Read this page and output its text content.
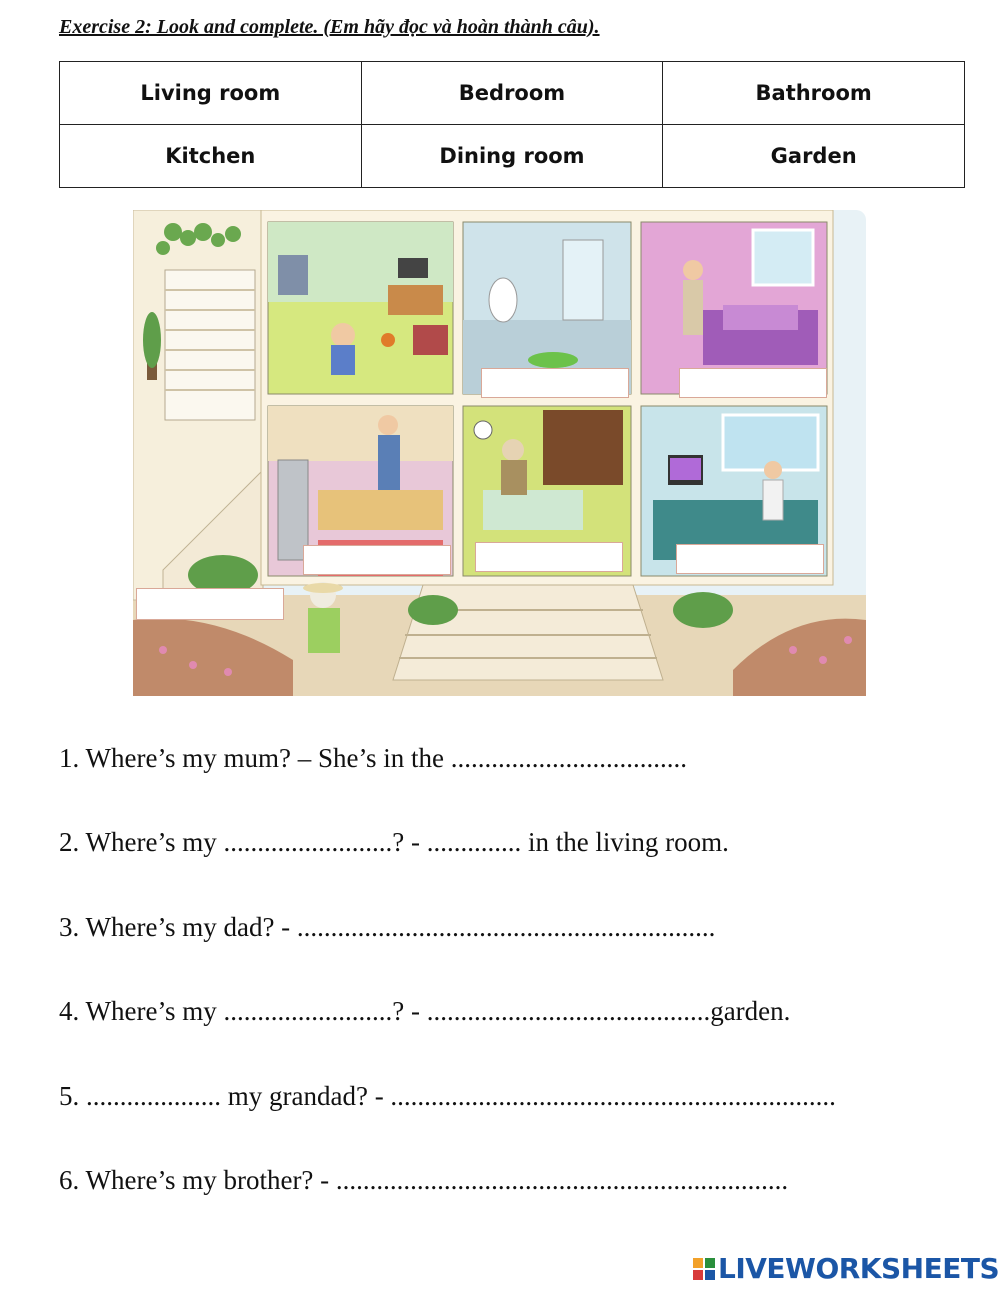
Exercise 2: Look and complete. (Em hãy đọc và hoàn thành câu).
Living room	Bedroom	Bathroom
Kitchen	Dining room	Garden
1. Where’s my mum? – She’s in the ...................................
2. Where’s my .........................? - .............. in the living room.
3. Where’s my dad? - ..............................................................
4. Where’s my .........................? - ..........................................garden.
5. .................... my grandad? - ..................................................................
6. Where’s my brother? - ...................................................................
LIVEWORKSHEETS
